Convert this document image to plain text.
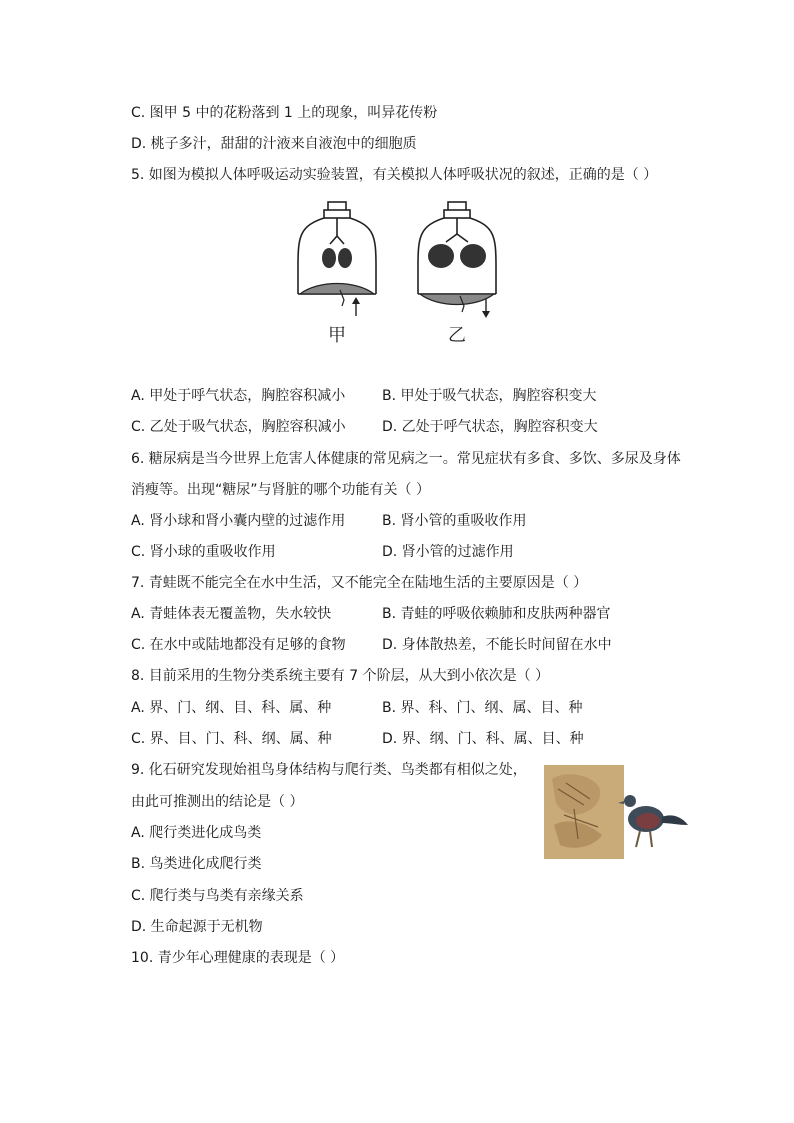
C. 图甲 5 中的花粉落到 1 上的现象，叫异花传粉
D. 桃子多汁，甜甜的汁液来自液泡中的细胞质
5. 如图为模拟人体呼吸运动实验装置，有关模拟人体呼吸状况的叙述，正确的是（ ）
甲	乙
A. 甲处于呼气状态，胸腔容积减小	B. 甲处于吸气状态，胸腔容积变大
C. 乙处于吸气状态，胸腔容积减小	D. 乙处于呼气状态，胸腔容积变大
6. 糖尿病是当今世界上危害人体健康的常见病之一。常见症状有多食、多饮、多尿及身体
消瘦等。出现“糖尿”与肾脏的哪个功能有关（ ）
A. 肾小球和肾小囊内壁的过滤作用	B. 肾小管的重吸收作用
C. 肾小球的重吸收作用	D. 肾小管的过滤作用
7. 青蛙既不能完全在水中生活，又不能完全在陆地生活的主要原因是（ ）
A. 青蛙体表无覆盖物，失水较快	B. 青蛙的呼吸依赖肺和皮肤两种器官
C. 在水中或陆地都没有足够的食物	D. 身体散热差，不能长时间留在水中
8. 目前采用的生物分类系统主要有 7 个阶层，从大到小依次是（ ）
A. 界、门、纲、目、科、属、种	B. 界、科、门、纲、属、目、种
C. 界、目、门、科、纲、属、种	D. 界、纲、门、科、属、目、种
9. 化石研究发现始祖鸟身体结构与爬行类、鸟类都有相似之处，
由此可推测出的结论是（ ）
A. 爬行类进化成鸟类
B. 鸟类进化成爬行类
C. 爬行类与鸟类有亲缘关系
D. 生命起源于无机物
10. 青少年心理健康的表现是（ ）
